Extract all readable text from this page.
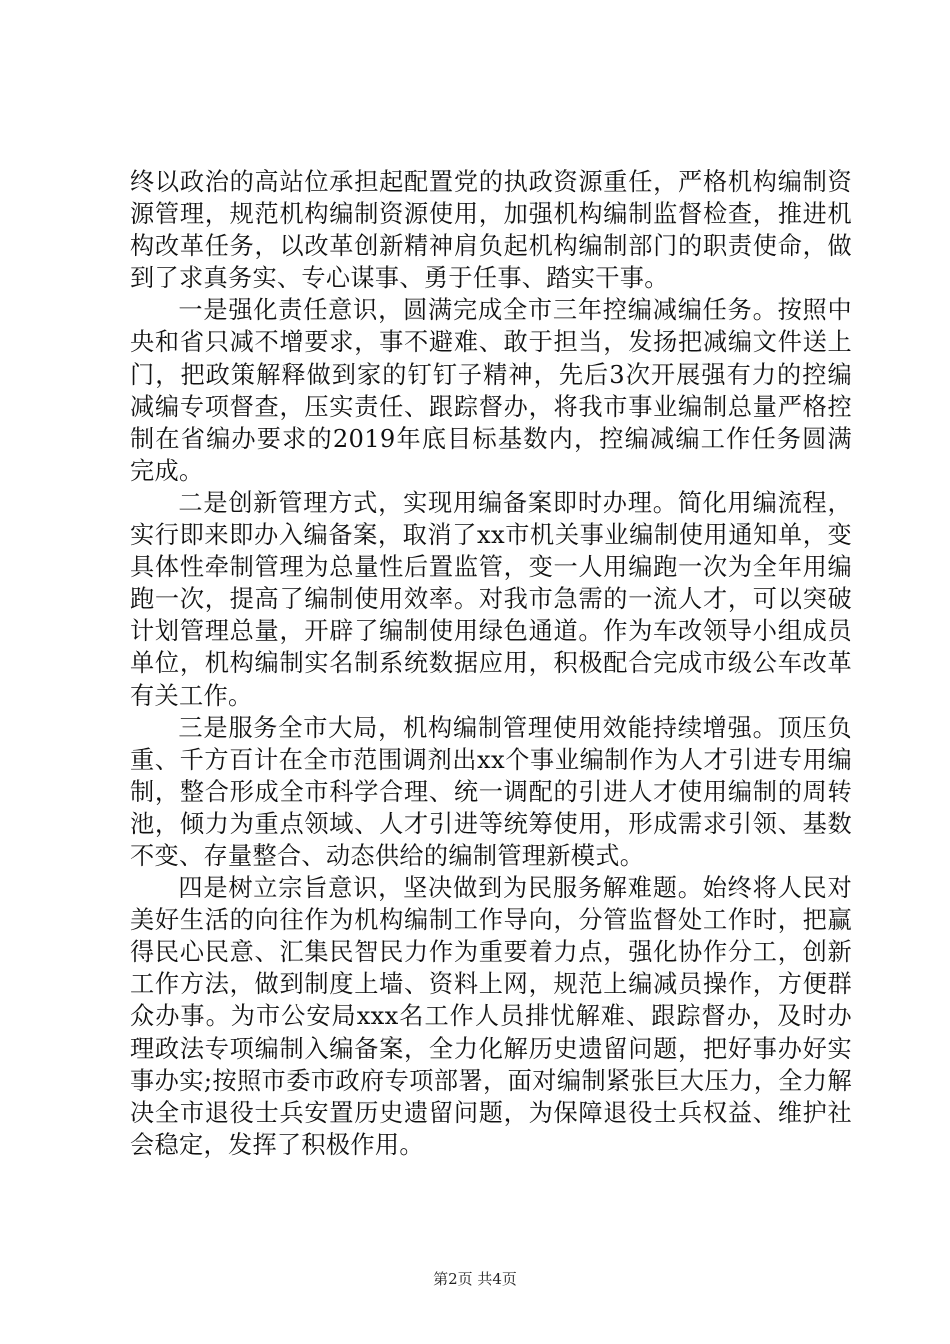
终以政治的高站位承担起配置党的执政资源重任，严格机构编制资源管理，规范机构编制资源使用，加强机构编制监督检查，推进机构改革任务，以改革创新精神肩负起机构编制部门的职责使命，做到了求真务实、专心谋事、勇于任事、踏实干事。

一是强化责任意识，圆满完成全市三年控编减编任务。按照中央和省只减不增要求，事不避难、敢于担当，发扬把减编文件送上门，把政策解释做到家的钉钉子精神，先后3次开展强有力的控编减编专项督查，压实责任、跟踪督办，将我市事业编制总量严格控制在省编办要求的2019年底目标基数内，控编减编工作任务圆满完成。

二是创新管理方式，实现用编备案即时办理。简化用编流程，实行即来即办入编备案，取消了xx市机关事业编制使用通知单，变具体性牵制管理为总量性后置监管，变一人用编跑一次为全年用编跑一次，提高了编制使用效率。对我市急需的一流人才，可以突破计划管理总量，开辟了编制使用绿色通道。作为车改领导小组成员单位，机构编制实名制系统数据应用，积极配合完成市级公车改革有关工作。

三是服务全市大局，机构编制管理使用效能持续增强。顶压负重、千方百计在全市范围调剂出xx个事业编制作为人才引进专用编制，整合形成全市科学合理、统一调配的引进人才使用编制的周转池，倾力为重点领域、人才引进等统筹使用，形成需求引领、基数不变、存量整合、动态供给的编制管理新模式。

四是树立宗旨意识，坚决做到为民服务解难题。始终将人民对美好生活的向往作为机构编制工作导向，分管监督处工作时，把赢得民心民意、汇集民智民力作为重要着力点，强化协作分工，创新工作方法，做到制度上墙、资料上网，规范上编减员操作，方便群众办事。为市公安局xxx名工作人员排忧解难、跟踪督办，及时办理政法专项编制入编备案，全力化解历史遗留问题，把好事办好实事办实;按照市委市政府专项部署，面对编制紧张巨大压力，全力解决全市退役士兵安置历史遗留问题，为保障退役士兵权益、维护社会稳定，发挥了积极作用。

第2页 共4页
